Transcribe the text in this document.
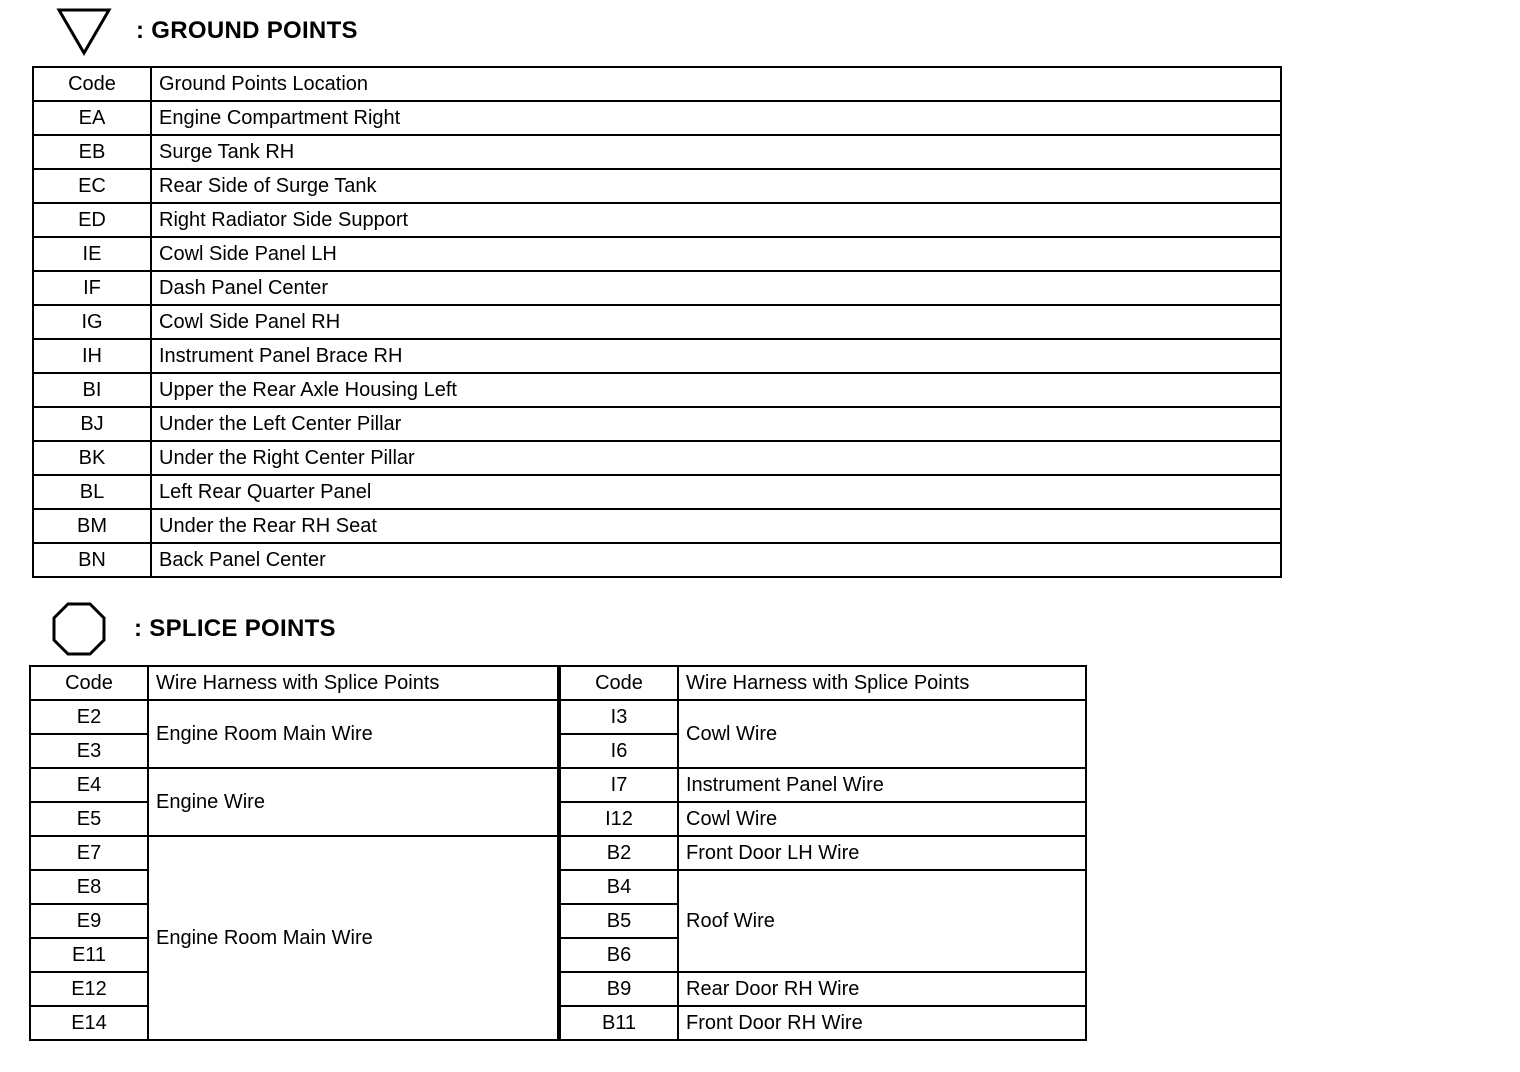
: GROUND POINTS
Code	Ground Points Location
EA	Engine Compartment Right
EB	Surge Tank RH
EC	Rear Side of Surge Tank
ED	Right Radiator Side Support
IE	Cowl Side Panel LH
IF	Dash Panel Center
IG	Cowl Side Panel RH
IH	Instrument Panel Brace RH
BI	Upper the Rear Axle Housing Left
BJ	Under the Left Center Pillar
BK	Under the Right Center Pillar
BL	Left Rear Quarter Panel
BM	Under the Rear RH Seat
BN	Back Panel Center
: SPLICE POINTS
Code	Wire Harness with Splice Points
E2	Engine Room Main Wire
E3	
E4	Engine Wire
E5	
E7	Engine Room Main Wire
E8	
E9	
E11	
E12	
E14	
Code	Wire Harness with Splice Points
I3	Cowl Wire
I6	
I7	Instrument Panel Wire
I12	Cowl Wire
B2	Front Door LH Wire
B4	Roof Wire
B5	
B6	
B9	Rear Door RH Wire
B11	Front Door RH Wire
